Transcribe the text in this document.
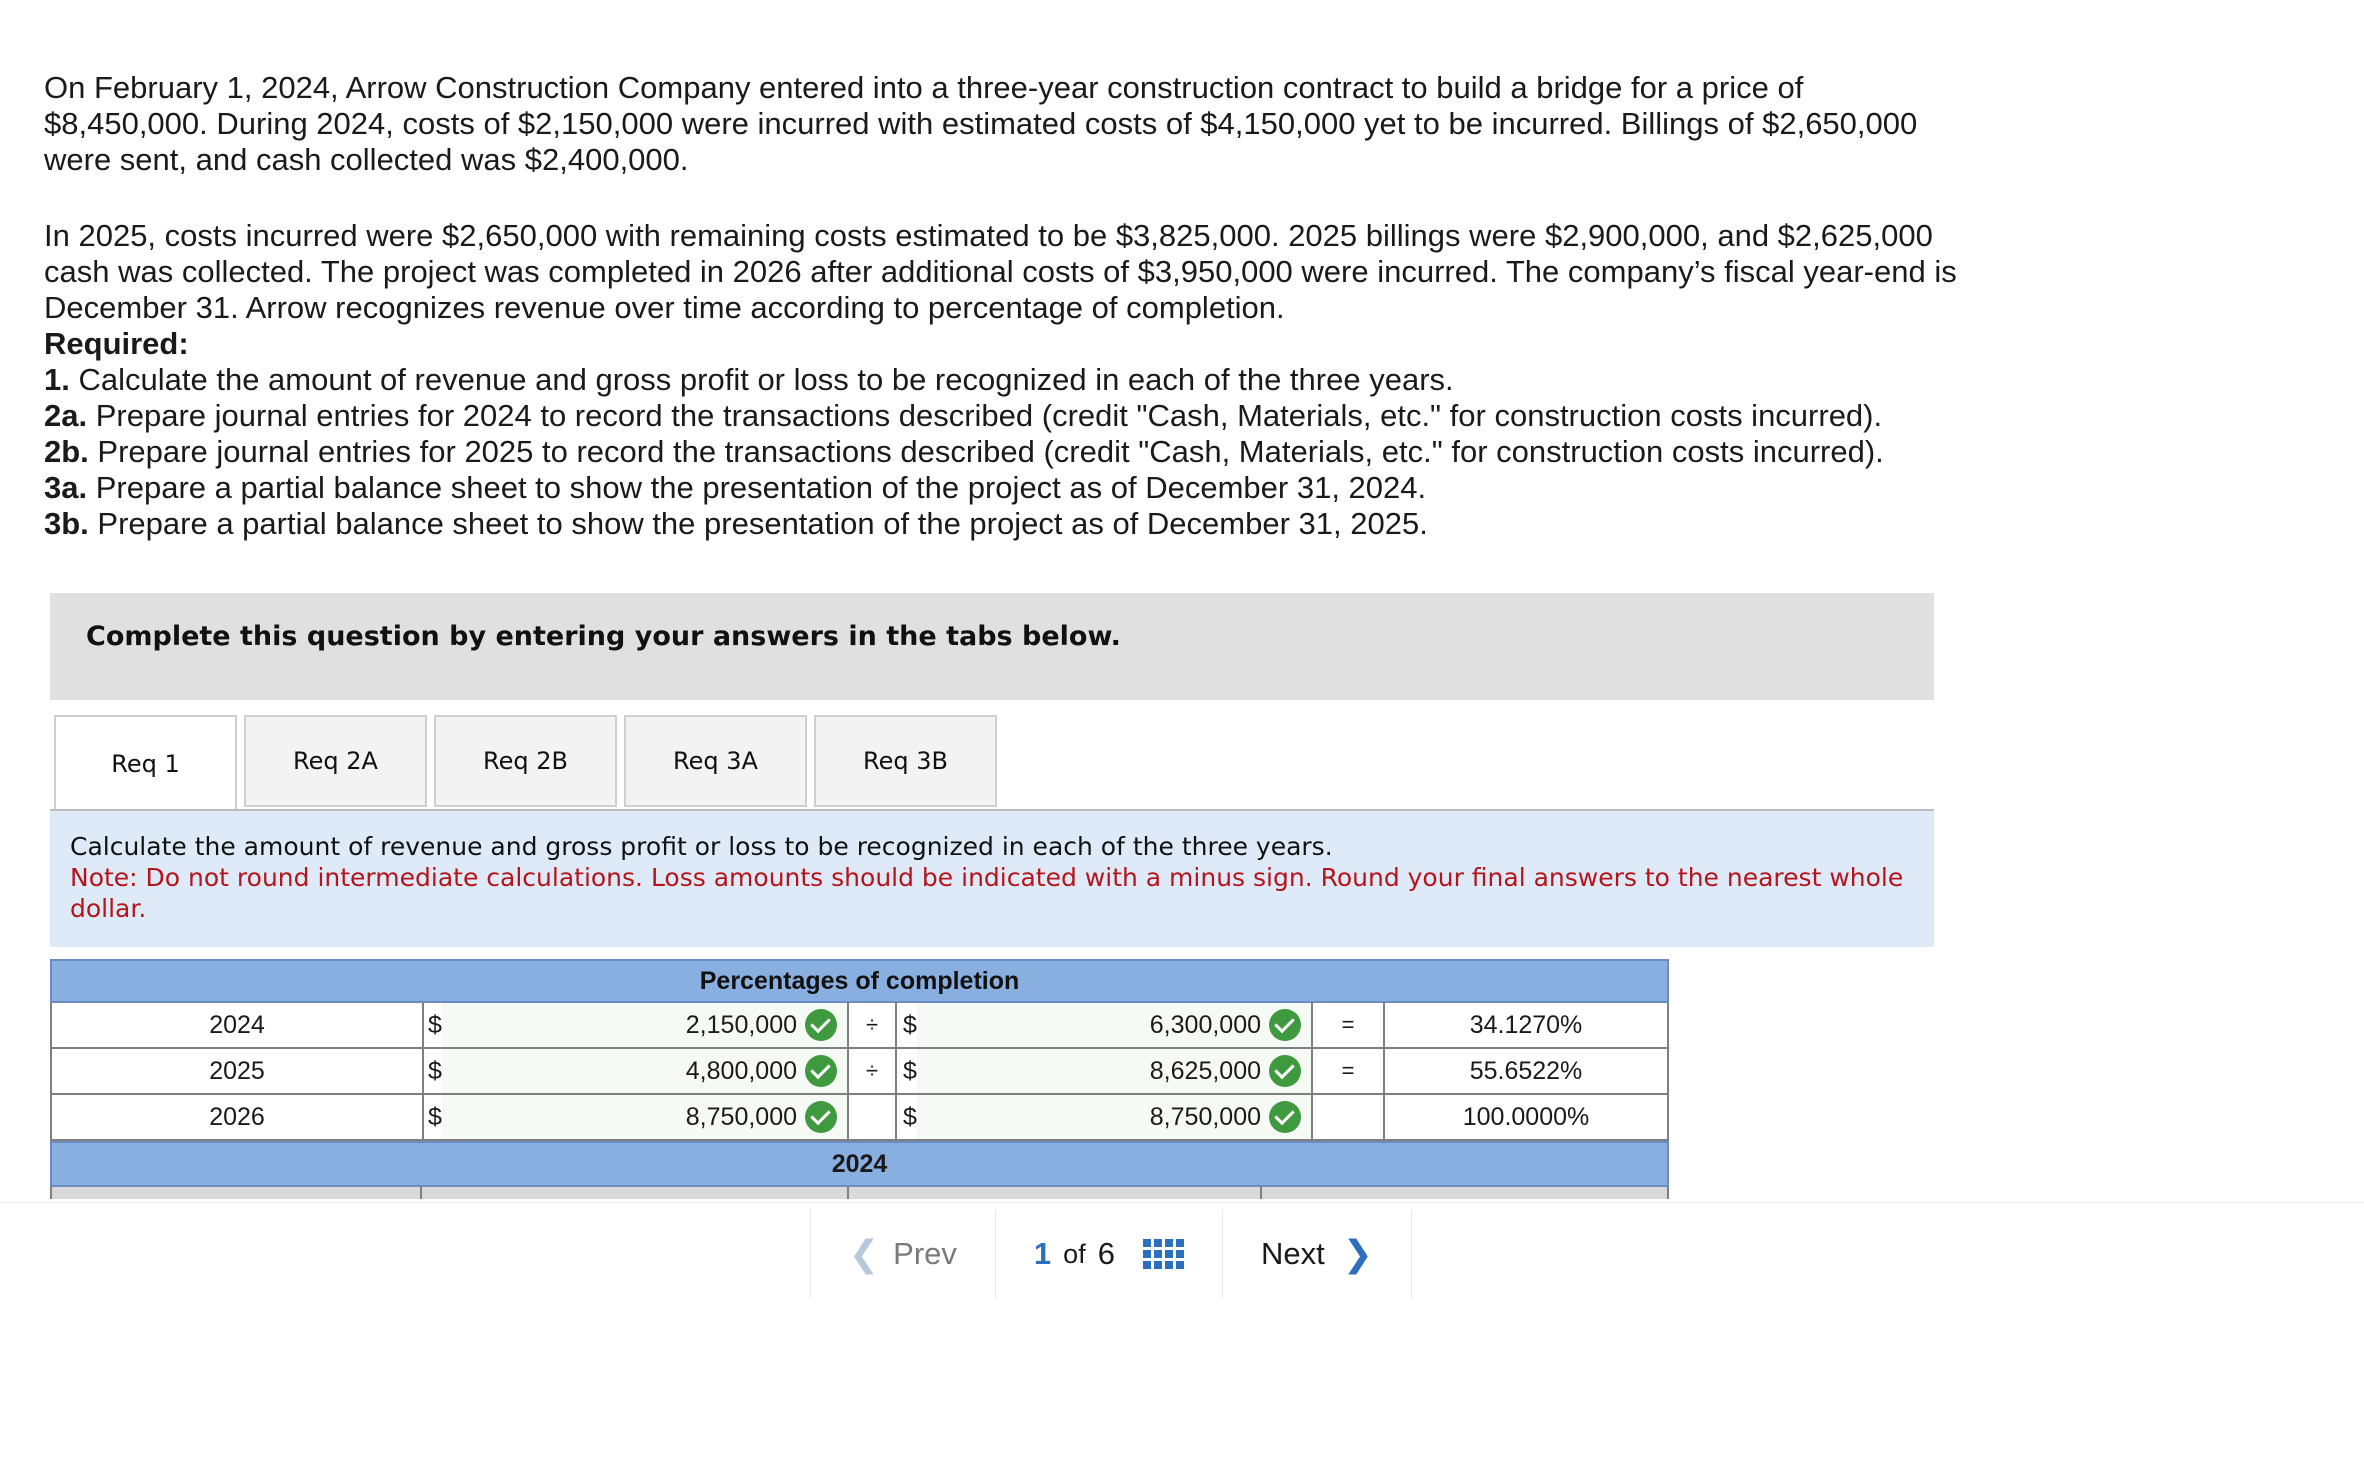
On February 1, 2024, Arrow Construction Company entered into a three-year construction contract to build a bridge for a price of $8,450,000. During 2024, costs of $2,150,000 were incurred with estimated costs of $4,150,000 yet to be incurred. Billings of $2,650,000 were sent, and cash collected was $2,400,000.

In 2025, costs incurred were $2,650,000 with remaining costs estimated to be $3,825,000. 2025 billings were $2,900,000, and $2,625,000 cash was collected. The project was completed in 2026 after additional costs of $3,950,000 were incurred. The company’s fiscal year-end is December 31. Arrow recognizes revenue over time according to percentage of completion.

Required:

1. Calculate the amount of revenue and gross profit or loss to be recognized in each of the three years.

2a. Prepare journal entries for 2024 to record the transactions described (credit "Cash, Materials, etc." for construction costs incurred).

2b. Prepare journal entries for 2025 to record the transactions described (credit "Cash, Materials, etc." for construction costs incurred).

3a. Prepare a partial balance sheet to show the presentation of the project as of December 31, 2024.

3b. Prepare a partial balance sheet to show the presentation of the project as of December 31, 2025.

Complete this question by entering your answers in the tabs below.
Req 1	Req 2A	Req 2B	Req 3A	Req 3B
Calculate the amount of revenue and gross profit or loss to be recognized in each of the three years.
Note: Do not round intermediate calculations. Loss amounts should be indicated with a minus sign. Round your final answers to the nearest whole dollar.
Percentages of completion
2024	$	2,150,000	÷ $	6,300,000	=	34.1270%
2025	$	4,800,000	÷ $	8,625,000	=	55.6522%
2026	$	8,750,000	$	8,750,000	100.0000%
2024
❮ Prev 1 of 6	Next ❯
